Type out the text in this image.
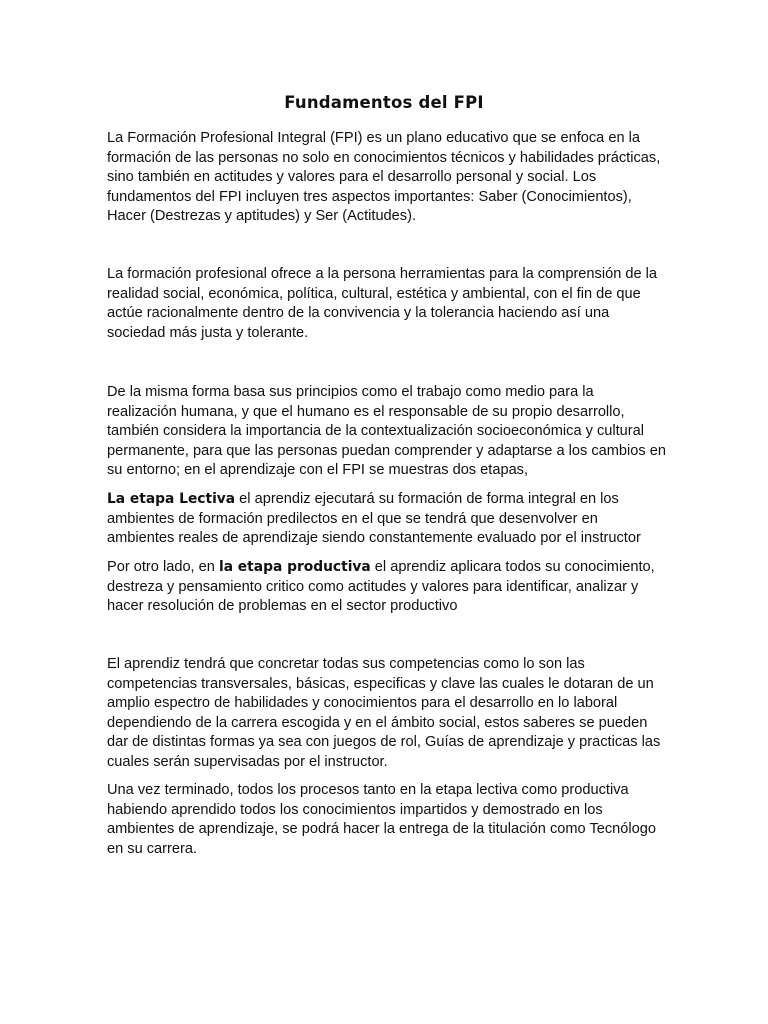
Fundamentos del FPI

La Formación Profesional Integral (FPI) es un plano educativo que se enfoca en la formación de las personas no solo en conocimientos técnicos y habilidades prácticas, sino también en actitudes y valores para el desarrollo personal y social. Los fundamentos del FPI incluyen tres aspectos importantes: Saber (Conocimientos), Hacer (Destrezas y aptitudes) y Ser (Actitudes).

La formación profesional ofrece a la persona herramientas para la comprensión de la realidad social, económica, política, cultural, estética y ambiental, con el fin de que actúe racionalmente dentro de la convivencia y la tolerancia haciendo así una sociedad más justa y tolerante.

De la misma forma basa sus principios como el trabajo como medio para la realización humana, y que el humano es el responsable de su propio desarrollo, también considera la importancia de la contextualización socioeconómica y cultural permanente, para que las personas puedan comprender y adaptarse a los cambios en su entorno; en el aprendizaje con el FPI se muestras dos etapas,

La etapa Lectiva el aprendiz ejecutará su formación de forma integral en los ambientes de formación predilectos en el que se tendrá que desenvolver en ambientes reales de aprendizaje siendo constantemente evaluado por el instructor

Por otro lado, en la etapa productiva el aprendiz aplicara todos su conocimiento, destreza y pensamiento critico como actitudes y valores para identificar, analizar y hacer resolución de problemas en el sector productivo

El aprendiz tendrá que concretar todas sus competencias como lo son las competencias transversales, básicas, especificas y clave las cuales le dotaran de un amplio espectro de habilidades y conocimientos para el desarrollo en lo laboral dependiendo de la carrera escogida y en el ámbito social, estos saberes se pueden dar de distintas formas ya sea con juegos de rol, Guías de aprendizaje y practicas las cuales serán supervisadas por el instructor.

Una vez terminado, todos los procesos tanto en la etapa lectiva como productiva habiendo aprendido todos los conocimientos impartidos y demostrado en los ambientes de aprendizaje, se podrá hacer la entrega de la titulación como Tecnólogo en su carrera.
